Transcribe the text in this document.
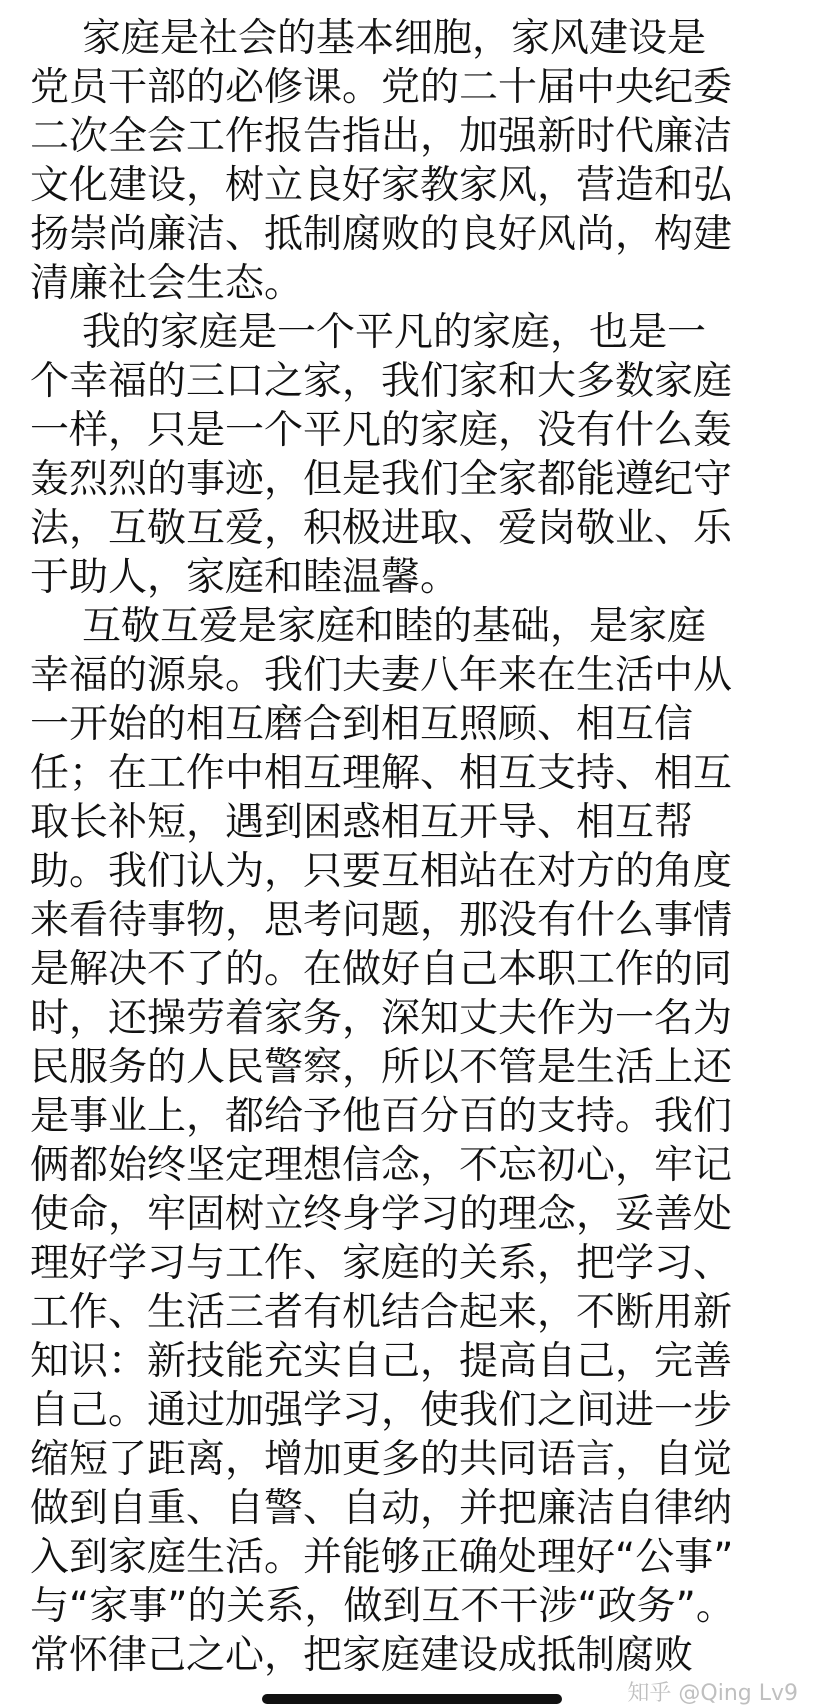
家庭是社会的基本细胞，家风建设是
党员干部的必修课。党的二十届中央纪委
二次全会工作报告指出，加强新时代廉洁
文化建设，树立良好家教家风，营造和弘
扬崇尚廉洁、抵制腐败的良好风尚，构建
清廉社会生态。
我的家庭是一个平凡的家庭，也是一
个幸福的三口之家，我们家和大多数家庭
一样，只是一个平凡的家庭，没有什么轰
轰烈烈的事迹，但是我们全家都能遵纪守
法，互敬互爱，积极进取、爱岗敬业、乐
于助人，家庭和睦温馨。
互敬互爱是家庭和睦的基础，是家庭
幸福的源泉。我们夫妻八年来在生活中从
一开始的相互磨合到相互照顾、相互信
任；在工作中相互理解、相互支持、相互
取长补短，遇到困惑相互开导、相互帮
助。我们认为，只要互相站在对方的角度
来看待事物，思考问题，那没有什么事情
是解决不了的。在做好自己本职工作的同
时，还操劳着家务，深知丈夫作为一名为
民服务的人民警察，所以不管是生活上还
是事业上，都给予他百分百的支持。我们
俩都始终坚定理想信念，不忘初心，牢记
使命，牢固树立终身学习的理念，妥善处
理好学习与工作、家庭的关系，把学习、
工作、生活三者有机结合起来，不断用新
知识：新技能充实自己，提高自己，完善
自己。通过加强学习，使我们之间进一步
缩短了距离，增加更多的共同语言，自觉
做到自重、自警、自动，并把廉洁自律纳
入到家庭生活。并能够正确处理好“公事”
与“家事”的关系，做到互不干涉“政务”。
常怀律己之心，把家庭建设成抵制腐败
知乎 @Qing Lv9
